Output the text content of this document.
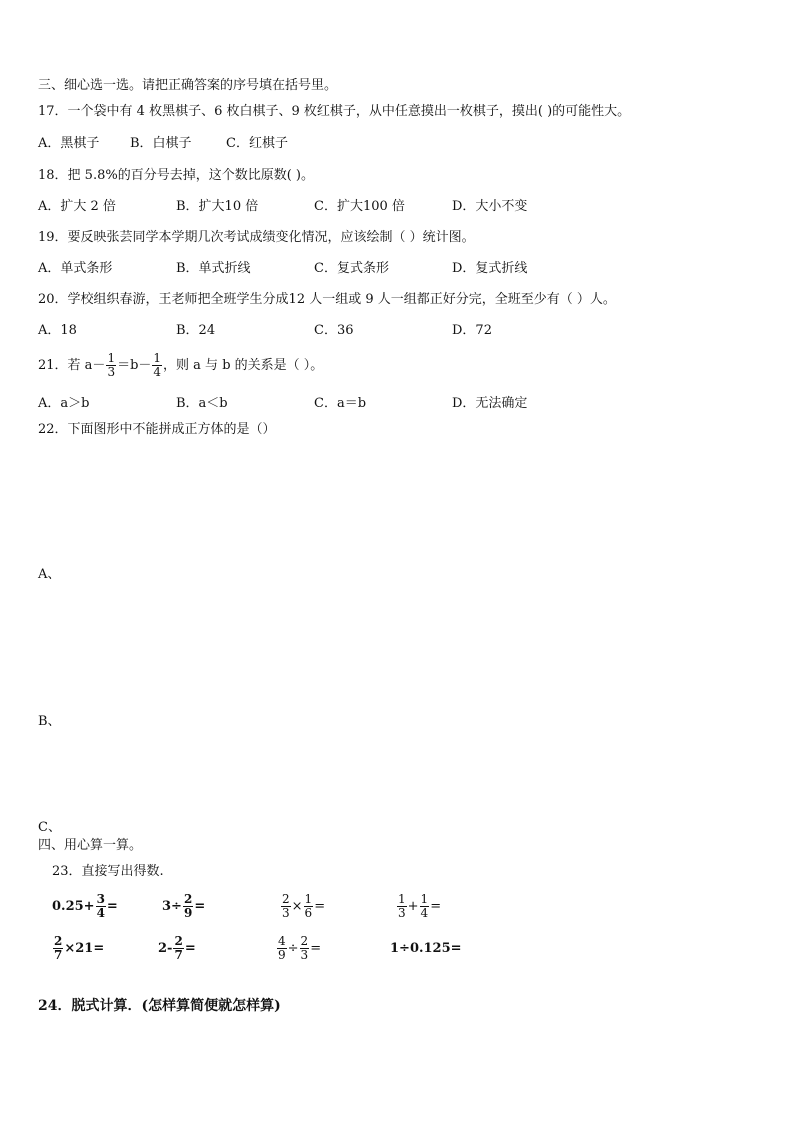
三、细心选一选。请把正确答案的序号填在括号里。
17．一个袋中有 4 枚黑棋子、6 枚白棋子、9 枚红棋子，从中任意摸出一枚棋子，摸出( )的可能性大。
A．黑棋子 B．白棋子	C．红棋子
18．把 5.8%的百分号去掉，这个数比原数( )。
A．扩大 2 倍	B．扩大10 倍	C．扩大100 倍	D．大小不变
19．要反映张芸同学本学期几次考试成绩变化情况，应该绘制（ ）统计图。
A．单式条形	B．单式折线	C．复式条形	D．复式折线
20．学校组织春游，王老师把全班学生分成12 人一组或 9 人一组都正好分完，全班至少有（ ）人。
A．18	B．24	C．36	D．72
21．若 $a- \frac{1}{3} =b- \frac{1}{4}$ ，则 a 与 b 的关系是（ ）。
A．a＞b	B．a＜b	C．a＝b	D．无法确定
22．下面图形中不能拼成正方体的是（）
A、
B、
C、
四、用心算一算。
23．直接写出得数.
$0.25+ \frac{3}{4}$ =	$3\div \frac{2}{9}$ =	$\frac{2}{3} \times \frac{1}{6}$ =	$\frac{1}{3} + \frac{1}{4}$ =
$\frac{2}{7} \times 21=$	$2- \frac{2}{7}$ =	$\frac{4}{9} \div \frac{2}{3}$ =	1÷0.125=
24．脱式计算．(怎样算简便就怎样算)
